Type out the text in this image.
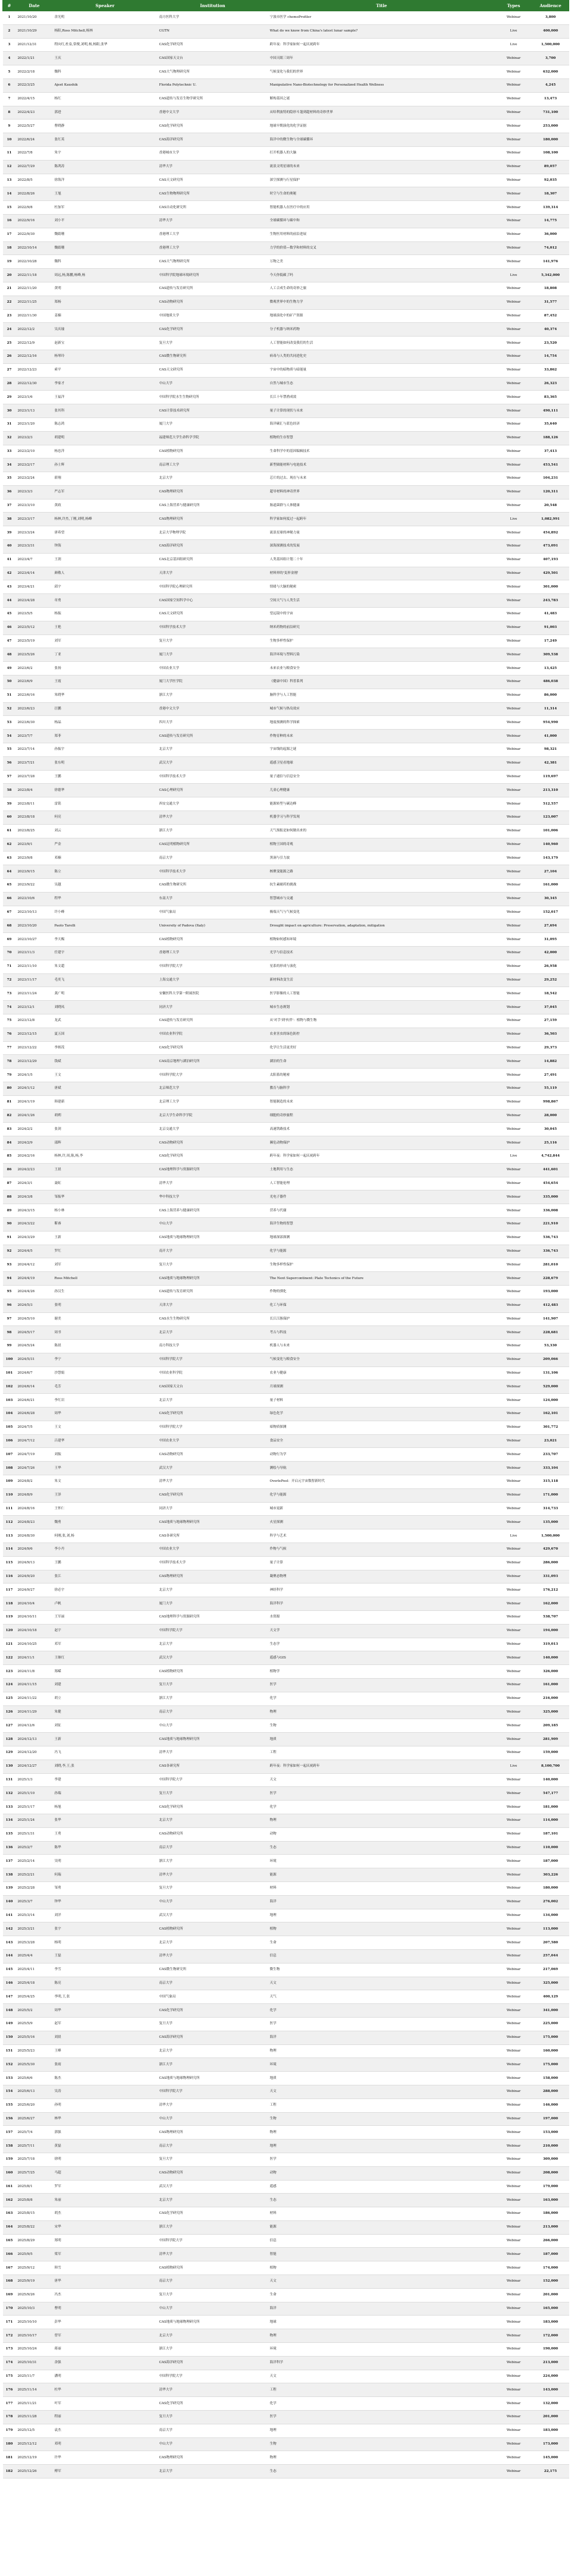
#	Date	Speaker	Institution	Title	Types	Audience
1	2021/10/20	余光明	南方医科大学	宁波市医学 chemoProfiler	Webinar	3,800
2	2021/10/29	杨阳,Ross Mitchell,杨林	CGTN	What do we know from China's latest lunar sample?	Live	400,000
3	2021/12/31	程向红,杜泉,常俊,刘明,杨,杨阳,张华	CAS化学研究所	跨年夜：科学家如何一起庆祝跨年	Live	1,500,000
4	2022/1/21	王庆	CAS国家天文台	中国天眼三周年	Webinar	3,700
5	2022/2/18	魏科	CAS大气物理研究所	气候变化与我们的世界	Webinar	632,000
6	2022/3/25	Ajeet Kaushik	Florida Polytechnic U.	Manipulative Nano-Biotechnology for Personalized Health Wellness	Webinar	4,245
7	2022/4/15	杨红	CAS遗传与发育生物学研究所	解构基因之谜	Webinar	13,473
8	2022/4/23	郭进	香港中文大学	从哈利波特的隐形斗篷到超材料的奇妙世界	Webinar	731,100
9	2022/5/27	曹晓静	CAS化学研究所	地球早期演化的化学证据	Webinar	253,000
10	2022/6/24	张红英	CAS海洋研究所	海洋中的微生物与全球碳循环	Webinar	180,000
11	2022/7/8	朱宇	香港城市大学	打开机器人的大脑	Webinar	108,100
12	2022/7/29	陈鸿涛	清华大学	流浪文明星球的未来	Webinar	89,057
13	2022/8/5	徐海洋	CAS天文研究所	深空探测与行星保护	Webinar	92,035
14	2022/8/26	王旭	CAS生物物理研究所	时空与生命的奥秘	Webinar	18,307
15	2022/9/8	杜加军	CAS自动化研究所	智能机器人在医疗中的应用	Webinar	139,314
16	2022/9/16	刘小平	清华大学	全球碳循环与碳中和	Webinar	14,775
17	2022/9/30	魏婧珊	香港理工大学	生物医用材料的前沿进展	Webinar	36,000
18	2022/10/14	魏婧珊	香港理工大学	力学的价值—数学和材料的交叉	Webinar	74,012
19	2022/10/28	魏科	CAS大气物理研究所	万物之美	Webinar	141,976
20	2022/11/18	周远,杨,陈鹏,杨峰,杨	中国科学院地球环境研究所	今天你低碳了吗	Live	5,342,000
21	2022/11/20	黄明	CAS遗传与发育研究所	人工合成生命的奇妙之旅	Webinar	18,808
22	2022/11/25	郑杨	CAS动物研究所	微观世界中的生物力学	Webinar	31,577
23	2022/11/30	姜楠	中国地质大学	地球演化中的矿产资源	Webinar	87,452
24	2022/12/2	吴庆瑜	CAS化学研究所	分子机器与纳米药物	Webinar	40,374
25	2022/12/9	赵新宝	复旦大学	人工智能如何改变我们的生活	Webinar	23,520
26	2022/12/16	杨琴玲	CAS微生物研究所	病毒与人类的共同进化史	Webinar	14,754
27	2022/12/23	索平	CAS天文研究所	宇宙中的暗物质与暗能量	Webinar	33,862
28	2022/12/30	李家才	中山大学	自然与城市生态	Webinar	26,323
29	2023/1/6	王福洋	中国科学院水生生物研究所	长江十年禁渔成效	Webinar	83,365
30	2023/1/13	张其科	CAS计算技术研究所	量子计算的现状与未来	Webinar	490,111
31	2023/1/20	陈志鸿	厦门大学	海洋碳汇与蓝色经济	Webinar	35,640
32	2023/2/3	胡建明	福建师范大学生命科学学院	植物的生存智慧	Webinar	188,126
33	2023/2/10	杨忠萍	CAS植物研究所	生命科学中的基因编辑技术	Webinar	37,413
34	2023/2/17	孙士辉	南京理工大学	新型储能材料与电池技术	Webinar	453,541
35	2023/2/24	薛翔	北京大学	芯片的过去、现在与未来	Webinar	104,231
36	2023/3/3	严志军	CAS物理研究所	超导材料的神奇世界	Webinar	120,311
37	2023/3/10	黄政	CAS上海营养与健康研究所	肠道菌群与人体健康	Webinar	20,548
38	2023/3/17	杨林,许杰,丁刚,刘明,杨峰	CAS物理研究所	科学家如何度过一起跨年	Live	1,082,991
39	2023/3/24	唐希望	北京大学物理学院	流浪星球的神秘力量	Webinar	454,892
40	2023/3/31	钟海	CAS海洋研究所	深海探测技术的发展	Webinar	473,091
41	2023/4/7	王润	CAS北京基因组研究所	人类基因组计划二十年	Webinar	407,193
42	2023/4/14	颜敬人	天津大学	材料界的'变形金刚'	Webinar	429,501
43	2023/4/21	邱宇	中国科学院心理研究所	情绪与大脑的秘密	Webinar	301,000
44	2023/4/28	章勇	CAS国家空间科学中心	空间天气与人类生活	Webinar	243,783
45	2023/5/5	杨振	CAS天文研究所	望远镜中的宇宙	Webinar	41,483
46	2023/5/12	王艳	中国科学技术大学	纳米药物的前沿研究	Webinar	91,003
47	2023/5/19	刘军	复旦大学	生物多样性保护	Webinar	17,249
48	2023/5/26	丁亚	厦门大学	海洋环境与塑料污染	Webinar	309,538
49	2023/6/2	张扬	中国农业大学	未来农业与粮食安全	Webinar	13,425
50	2023/6/9	王霞	厦门大学医学院	《健康中国》科普系列	Webinar	486,038
51	2023/6/16	朱晓华	浙江大学	脑科学与人工智能	Webinar	86,000
52	2023/6/23	汪鹏	香港中文大学	城市气候与热岛效应	Webinar	11,314
53	2023/6/30	杨晶	四川大学	地震预测的科学探索	Webinar	954,990
54	2023/7/7	郑菲	CAS遗传与发育研究所	作物育种的未来	Webinar	41,000
55	2023/7/14	孙振宇	北京大学	宇宙线的起源之谜	Webinar	98,321
56	2023/7/21	张东明	武汉大学	遥感卫星看地球	Webinar	42,381
57	2023/7/28	王鹏	中国科学技术大学	量子通信与信息安全	Webinar	119,697
58	2023/8/4	徐德华	CAS心理研究所	儿童心理健康	Webinar	213,310
59	2023/8/11	雷铭	西安交通大学	能源转型与碳达峰	Webinar	512,557
60	2023/8/18	何亮	清华大学	机器学习与科学发现	Webinar	123,007
61	2023/8/25	刘云	浙江大学	天气预报是如何做出来的	Webinar	101,006
62	2023/9/1	严金	CAS昆明植物研究所	植物王国的奇观	Webinar	140,960
63	2023/9/8	邓楠	南京大学	黑洞与引力波	Webinar	143,179
64	2023/9/15	陈立	中国科学技术大学	核聚变能源之路	Webinar	27,104
65	2023/9/22	吴越	CAS微生物研究所	抗生素耐药的挑战	Webinar	161,000
66	2023/10/6	程华	东南大学	智慧城市与交通	Webinar	30,345
67	2023/10/13	许小峰	中国气象局	极端天气与气候变化	Webinar	152,017
68	2023/10/20	Paolo Tarolli	University of Padova (Italy)	Drought impact on agriculture: Preservation, adaptation, mitigation	Webinar	27,694
69	2023/10/27	李天赐	CAS植物研究所	植物如何感知环境	Webinar	31,095
70	2023/11/3	任建宇	香港理工大学	光学与信息技术	Webinar	42,000
71	2023/11/10	朱文超	中国科学院大学	星系的形成与演化	Webinar	26,958
72	2023/11/17	毛奕飞	上海交通大学	新材料改变生活	Webinar	29,252
73	2023/11/24	龚广明	安徽医科大学第一附属医院	医学影像的人工智能	Webinar	18,542
74	2023/12/1	刘晓凤	同济大学	城市生态规划	Webinar	37,045
75	2023/12/8	龙武	CAS遗传与发育研究所	从'对手'到'伙伴'：植物与微生物	Webinar	27,159
76	2023/12/15	夏五国	中国农业科学院	农业害虫的绿色防控	Webinar	36,503
77	2023/12/22	李炳茂	CAS化学研究所	化学让生活更美好	Webinar	29,373
78	2023/12/29	钱斌	CAS南京地理与湖泊研究所	湖泊的生命	Webinar	14,882
79	2024/1/5	王文	中国科学院大学	太阳系的秘密	Webinar	27,491
80	2024/1/12	唐斌	北京师范大学	教育与脑科学	Webinar	55,119
81	2024/1/19	韩建新	北京理工大学	智能制造的未来	Webinar	998,867
82	2024/1/26	胡朔	北京大学生命科学学院	细胞的奇妙旅程	Webinar	28,000
83	2024/2/2	张剑	北京交通大学	高速铁路技术	Webinar	30,045
84	2024/2/9	邵辉	CAS动物研究所	濒危动物保护	Webinar	25,116
85	2024/2/16	杨林,许,周,陈,杨,李	CAS化学研究所	跨年夜：科学家如何一起庆祝跨年	Live	4,742,844
86	2024/2/23	王晨	CAS地理科学与资源研究所	土地利用与生态	Webinar	441,601
87	2024/3/1	聂虹	清华大学	人工智能伦理	Webinar	454,654
88	2024/3/8	邹振华	华中科技大学	光电子器件	Webinar	335,000
89	2024/3/15	杨小林	CAS上海营养与健康研究所	营养与代谢	Webinar	336,008
90	2024/3/22	靳睿	中山大学	海洋生物的智慧	Webinar	221,910
91	2024/3/29	王新	CAS地质与地球物理研究所	地球深部探测	Webinar	536,743
92	2024/4/5	罗红	南开大学	化学与能源	Webinar	336,743
93	2024/4/12	刘军	复旦大学	生物多样性保护	Webinar	281,010
94	2024/4/19	Ross Mitchell	CAS地质与地球物理研究所	The Next Supercontinent: Plate Tectonics of the Future	Webinar	228,679
95	2024/4/26	孙汉生	CAS遗传与发育研究所	作物的驯化	Webinar	193,000
96	2024/5/3	张明	天津大学	化工与环保	Webinar	412,483
97	2024/5/10	谢美	CAS水生生物研究所	长江江豚保护	Webinar	141,907
98	2024/5/17	周书	北京大学	考古与科技	Webinar	228,681
99	2024/5/24	陈晨	南方科技大学	机器人与未来	Webinar	53,330
100	2024/5/31	李宁	中国科学院大学	气候变化与粮食安全	Webinar	209,066
101	2024/6/7	沙慧娟	中国农业科学院	农业与健康	Webinar	131,106
102	2024/6/14	毛芳	CAS国家天文台	月球探测	Webinar	529,000
103	2024/6/21	李红岩	北京大学	量子材料	Webinar	124,000
104	2024/6/28	周华	CAS化学研究所	绿色化学	Webinar	162,101
105	2024/7/5	王文	中国科学院大学	暗物质探测	Webinar	301,772
106	2024/7/12	吕建华	中国农业大学	食品安全	Webinar	23,021
107	2024/7/19	刘振	CAS动物研究所	动物行为学	Webinar	233,707
108	2024/7/26	王华	武汉大学	测绘与导航	Webinar	333,104
109	2024/8/2	朱文	清华大学	OverlePool：开启元宇宙数智新时代	Webinar	315,118
110	2024/8/9	王泽	CAS化学研究所	化学与能源	Webinar	171,000
111	2024/8/16	王怀仁	同济大学	城市更新	Webinar	314,733
112	2024/8/23	魏勇	CAS地质与地球物理研究所	火星探测	Webinar	135,000
113	2024/8/30	何刚,张,刘,杨	CAS各研究所	科学与艺术	Live	1,500,000
114	2024/9/6	李小丹	中国农业大学	作物与气候	Webinar	429,670
115	2024/9/13	王鹏	中国科学技术大学	量子计算	Webinar	286,000
116	2024/9/20	张江	CAS物理研究所	凝聚态物理	Webinar	331,093
117	2024/9/27	徐必宇	北京大学	神经科学	Webinar	176,212
118	2024/10/4	卢帆	厦门大学	海洋科学	Webinar	162,000
119	2024/10/11	王军丽	CAS地理科学与资源研究所	水资源	Webinar	538,707
120	2024/10/18	赵宇	中国科学院大学	天文学	Webinar	194,000
121	2024/10/25	邓军	北京大学	生态学	Webinar	319,013
122	2024/11/1	王继红	武汉大学	遥感与GIS	Webinar	140,000
123	2024/11/8	郑嵘	CAS植物研究所	植物学	Webinar	326,000
124	2024/11/15	刘建	复旦大学	医学	Webinar	161,000
125	2024/11/22	胡立	浙江大学	化学	Webinar	216,000
126	2024/11/29	朱健	南京大学	物理	Webinar	325,000
127	2024/12/6	刘征	中山大学	生物	Webinar	209,185
128	2024/12/13	王新	CAS地质与地球物理研究所	地质	Webinar	281,909
129	2024/12/20	冯飞	清华大学	工程	Webinar	159,000
130	2024/12/27	刘晓,李,王,张	CAS各研究所	跨年夜：科学家如何一起庆祝跨年	Live	8,100,700
131	2025/1/3	李建	中国科学院大学	天文	Webinar	140,000
132	2025/1/10	孙瑞	复旦大学	医学	Webinar	547,177
133	2025/1/17	杨旭	CAS化学研究所	化学	Webinar	181,000
134	2025/1/24	张华	北京大学	物理	Webinar	114,000
135	2025/1/31	王勇	CAS动物研究所	动物	Webinar	187,101
136	2025/2/7	陈华	南京大学	生态	Webinar	110,000
137	2025/2/14	吴明	浙江大学	环境	Webinar	187,000
138	2025/2/21	何瑞	清华大学	能源	Webinar	303,226
139	2025/2/28	邹勇	复旦大学	材料	Webinar	180,000
140	2025/3/7	钟华	中山大学	海洋	Webinar	276,002
141	2025/3/14	刘洋	武汉大学	地理	Webinar	134,000
142	2025/3/21	张宇	CAS植物研究所	植物	Webinar	113,000
143	2025/3/28	杨明	北京大学	生命	Webinar	207,580
144	2025/4/4	王磊	清华大学	信息	Webinar	257,044
145	2025/4/11	李雪	CAS微生物研究所	微生物	Webinar	217,069
146	2025/4/18	陈亮	南京大学	天文	Webinar	325,000
147	2025/4/25	李明,王,张	中国气象局	天气	Webinar	400,129
148	2025/5/2	周华	CAS化学研究所	化学	Webinar	341,000
149	2025/5/9	赵军	复旦大学	医学	Webinar	225,000
150	2025/5/16	刘晨	CAS海洋研究所	海洋	Webinar	175,000
151	2025/5/23	王峰	北京大学	物理	Webinar	160,000
152	2025/5/30	张雨	浙江大学	环境	Webinar	175,000
153	2025/6/6	陈杰	CAS地质与地球物理研究所	地质	Webinar	158,000
154	2025/6/13	吴涛	中国科学院大学	天文	Webinar	288,000
155	2025/6/20	孙明	清华大学	工程	Webinar	146,000
156	2025/6/27	林华	中山大学	生物	Webinar	197,000
157	2025/7/4	郭强	CAS物理研究所	物理	Webinar	153,000
158	2025/7/11	黄磊	南京大学	地理	Webinar	210,000
159	2025/7/18	徐明	复旦大学	医学	Webinar	309,000
160	2025/7/25	马超	CAS动物研究所	动物	Webinar	208,000
161	2025/8/1	罗军	武汉大学	遥感	Webinar	179,000
162	2025/8/8	朱丽	北京大学	生态	Webinar	163,000
163	2025/8/15	胡杰	CAS化学研究所	材料	Webinar	186,000
164	2025/8/22	宋华	浙江大学	能源	Webinar	213,000
165	2025/8/29	郑明	中国科学院大学	信息	Webinar	266,000
166	2025/9/5	梁军	清华大学	智能	Webinar	187,000
167	2025/9/12	韩雪	CAS植物研究所	植物	Webinar	174,000
168	2025/9/19	唐华	南京大学	天文	Webinar	152,000
169	2025/9/26	冯杰	复旦大学	生命	Webinar	201,000
170	2025/10/3	曹明	中山大学	海洋	Webinar	165,000
171	2025/10/10	彭华	CAS地质与地球物理研究所	地球	Webinar	183,000
172	2025/10/17	曾军	北京大学	物理	Webinar	172,000
173	2025/10/24	蒋丽	浙江大学	环境	Webinar	190,000
174	2025/10/31	余强	CAS海洋研究所	海洋科学	Webinar	213,000
175	2025/11/7	潘明	中国科学院大学	天文	Webinar	224,000
176	2025/11/14	杜华	清华大学	工程	Webinar	143,000
177	2025/11/21	叶军	CAS化学研究所	化学	Webinar	132,000
178	2025/11/28	程丽	复旦大学	医学	Webinar	201,000
179	2025/12/5	袁杰	南京大学	地理	Webinar	183,000
180	2025/12/12	邓明	中山大学	生物	Webinar	173,000
181	2025/12/19	许华	CAS物理研究所	物理	Webinar	145,000
182	2025/12/26	傅军	北京大学	生态	Webinar	22,175
